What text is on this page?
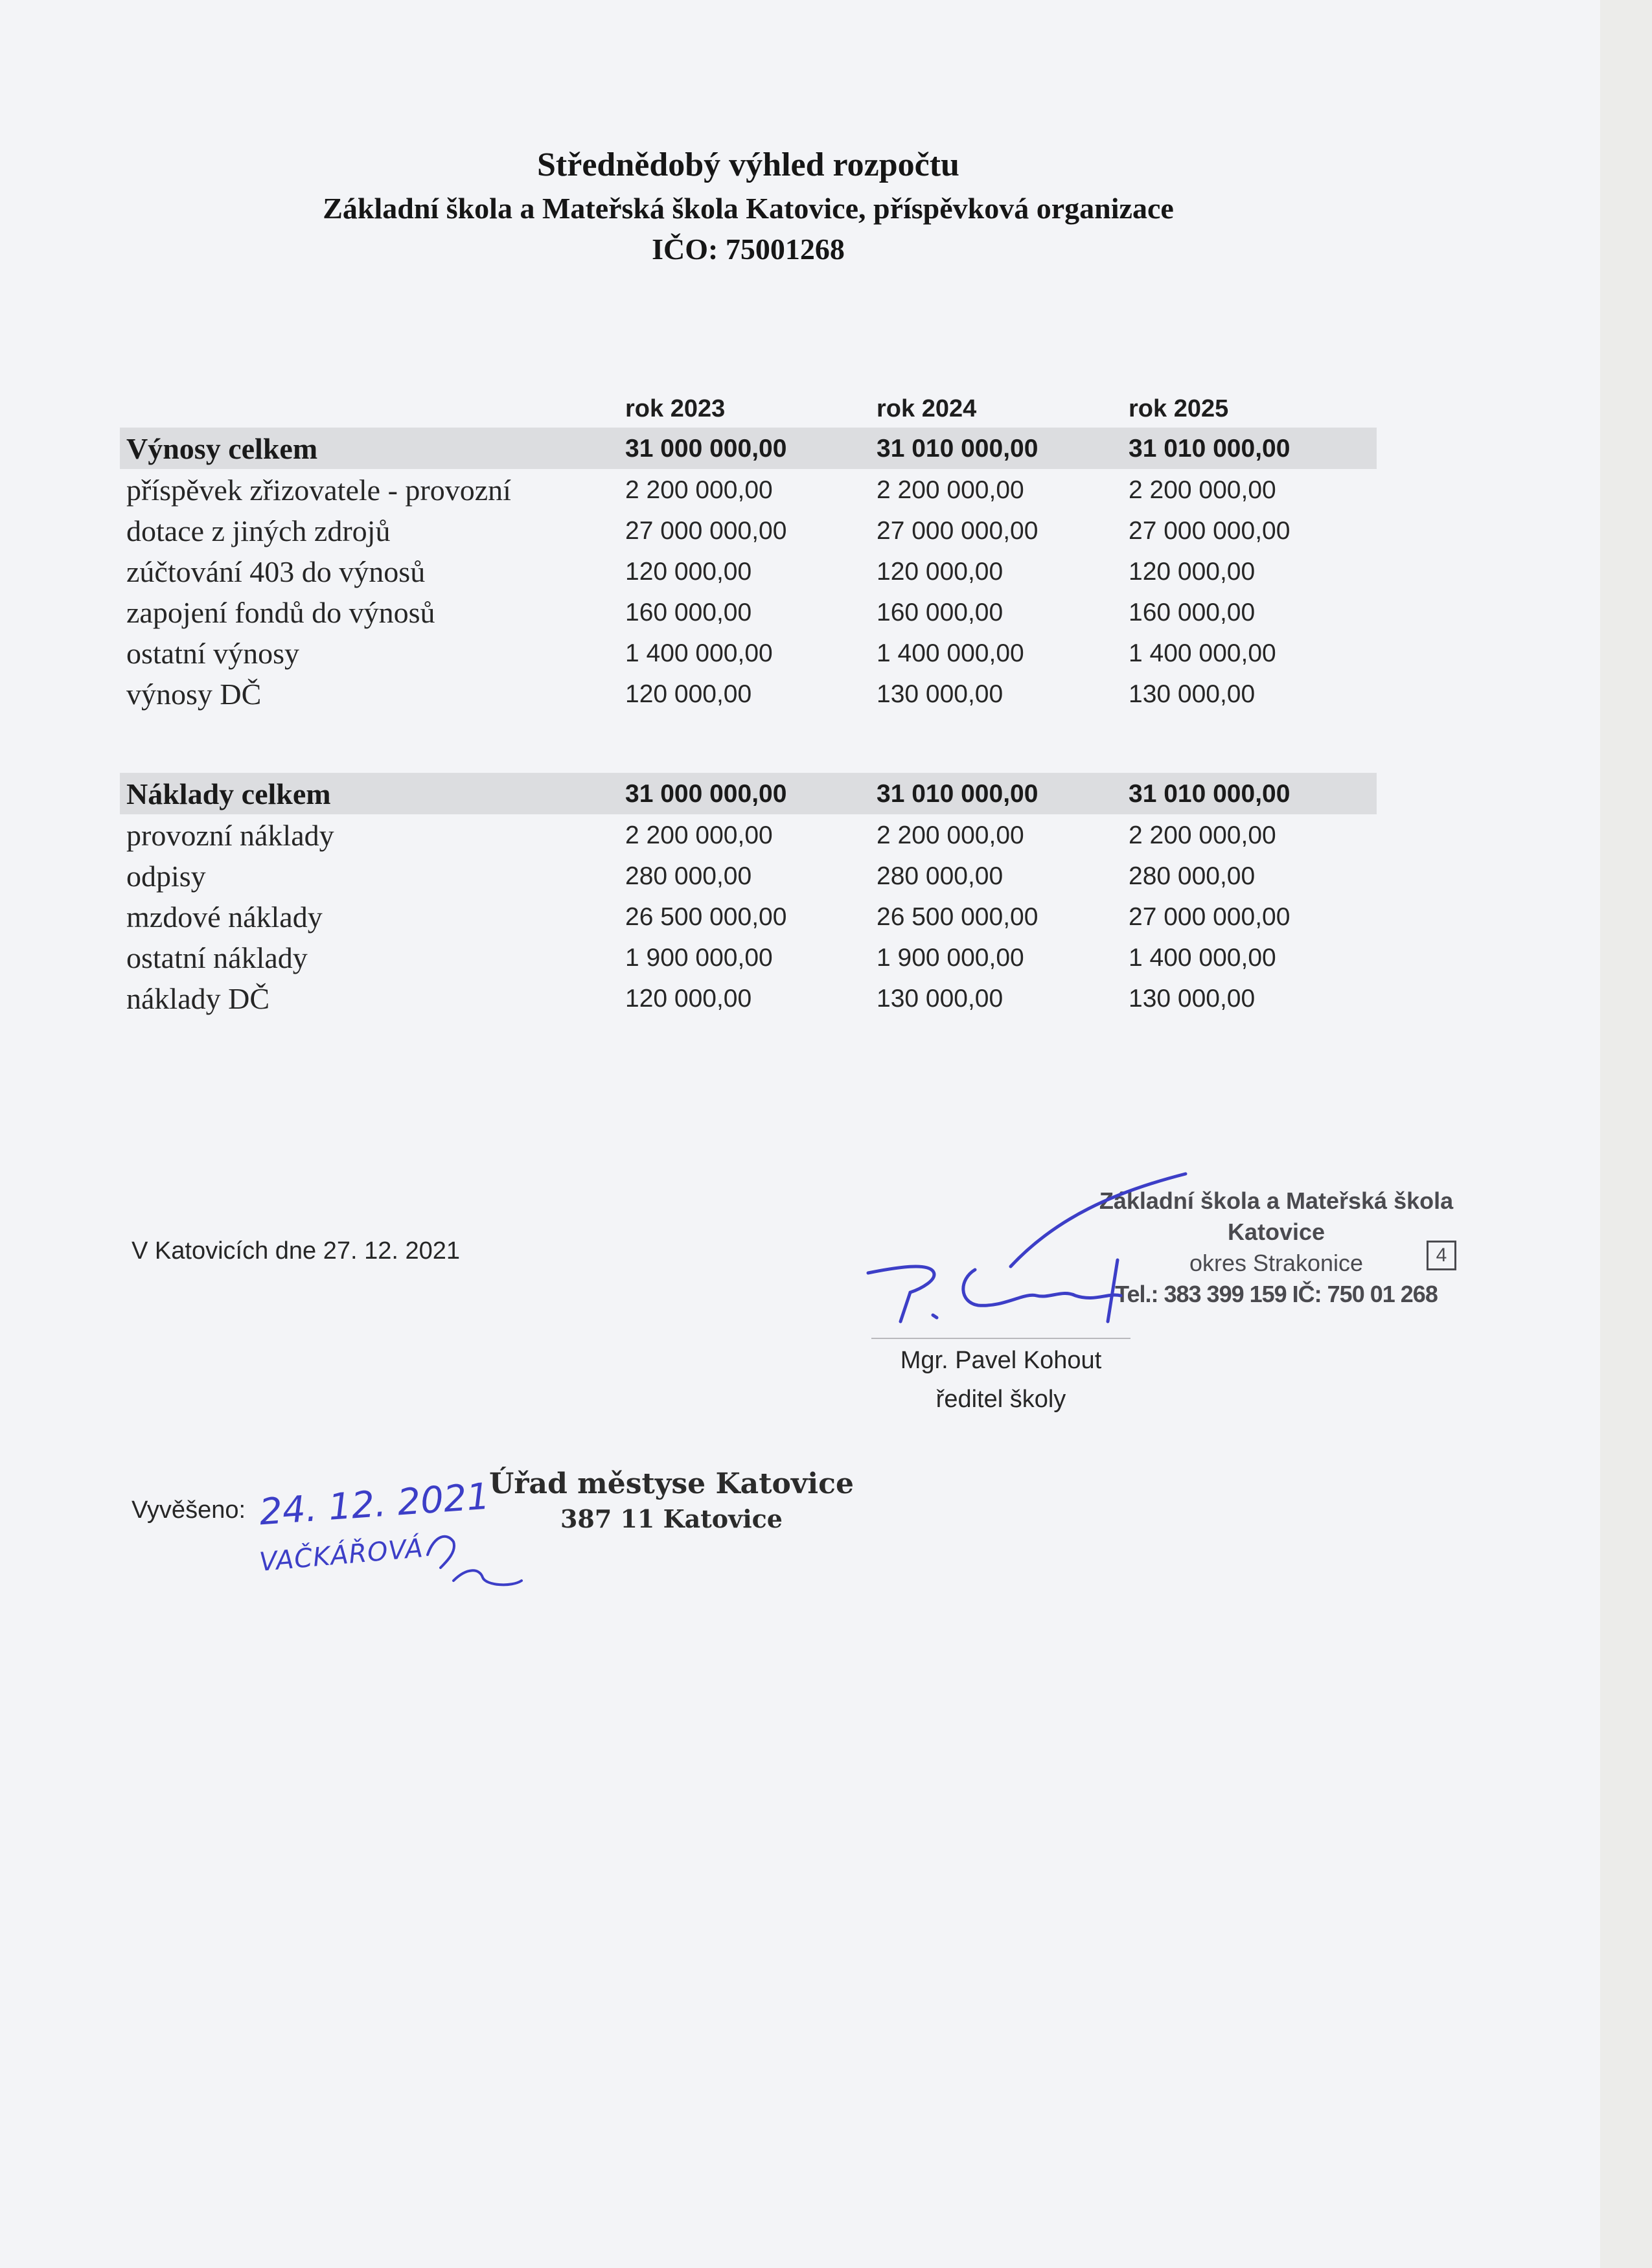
Střednědobý výhled rozpočtu
Základní škola a Mateřská škola Katovice, příspěvková organizace
IČO: 75001268
rok 2023	rok 2024	rok 2025
Výnosy celkem	31 000 000,00	31 010 000,00	31 010 000,00
příspěvek zřizovatele - provozní	2 200 000,00	2 200 000,00	2 200 000,00
dotace z jiných zdrojů	27 000 000,00	27 000 000,00	27 000 000,00
zúčtování 403 do výnosů	120 000,00	120 000,00	120 000,00
zapojení fondů do výnosů	160 000,00	160 000,00	160 000,00
ostatní výnosy	1 400 000,00	1 400 000,00	1 400 000,00
výnosy DČ	120 000,00	130 000,00	130 000,00
Náklady celkem	31 000 000,00	31 010 000,00	31 010 000,00
provozní náklady	2 200 000,00	2 200 000,00	2 200 000,00
odpisy	280 000,00	280 000,00	280 000,00
mzdové náklady	26 500 000,00	26 500 000,00	27 000 000,00
ostatní náklady	1 900 000,00	1 900 000,00	1 400 000,00
náklady DČ	120 000,00	130 000,00	130 000,00
V Katovicích dne 27. 12. 2021
Základní škola a Mateřská škola
Katovice
okres Strakonice
Tel.: 383 399 159 IČ: 750 01 268
4
Mgr. Pavel Kohout
ředitel školy
Vyvěšeno: 24. 12. 2021
VAČKÁŘOVÁ
Úřad městyse Katovice
387 11 Katovice
